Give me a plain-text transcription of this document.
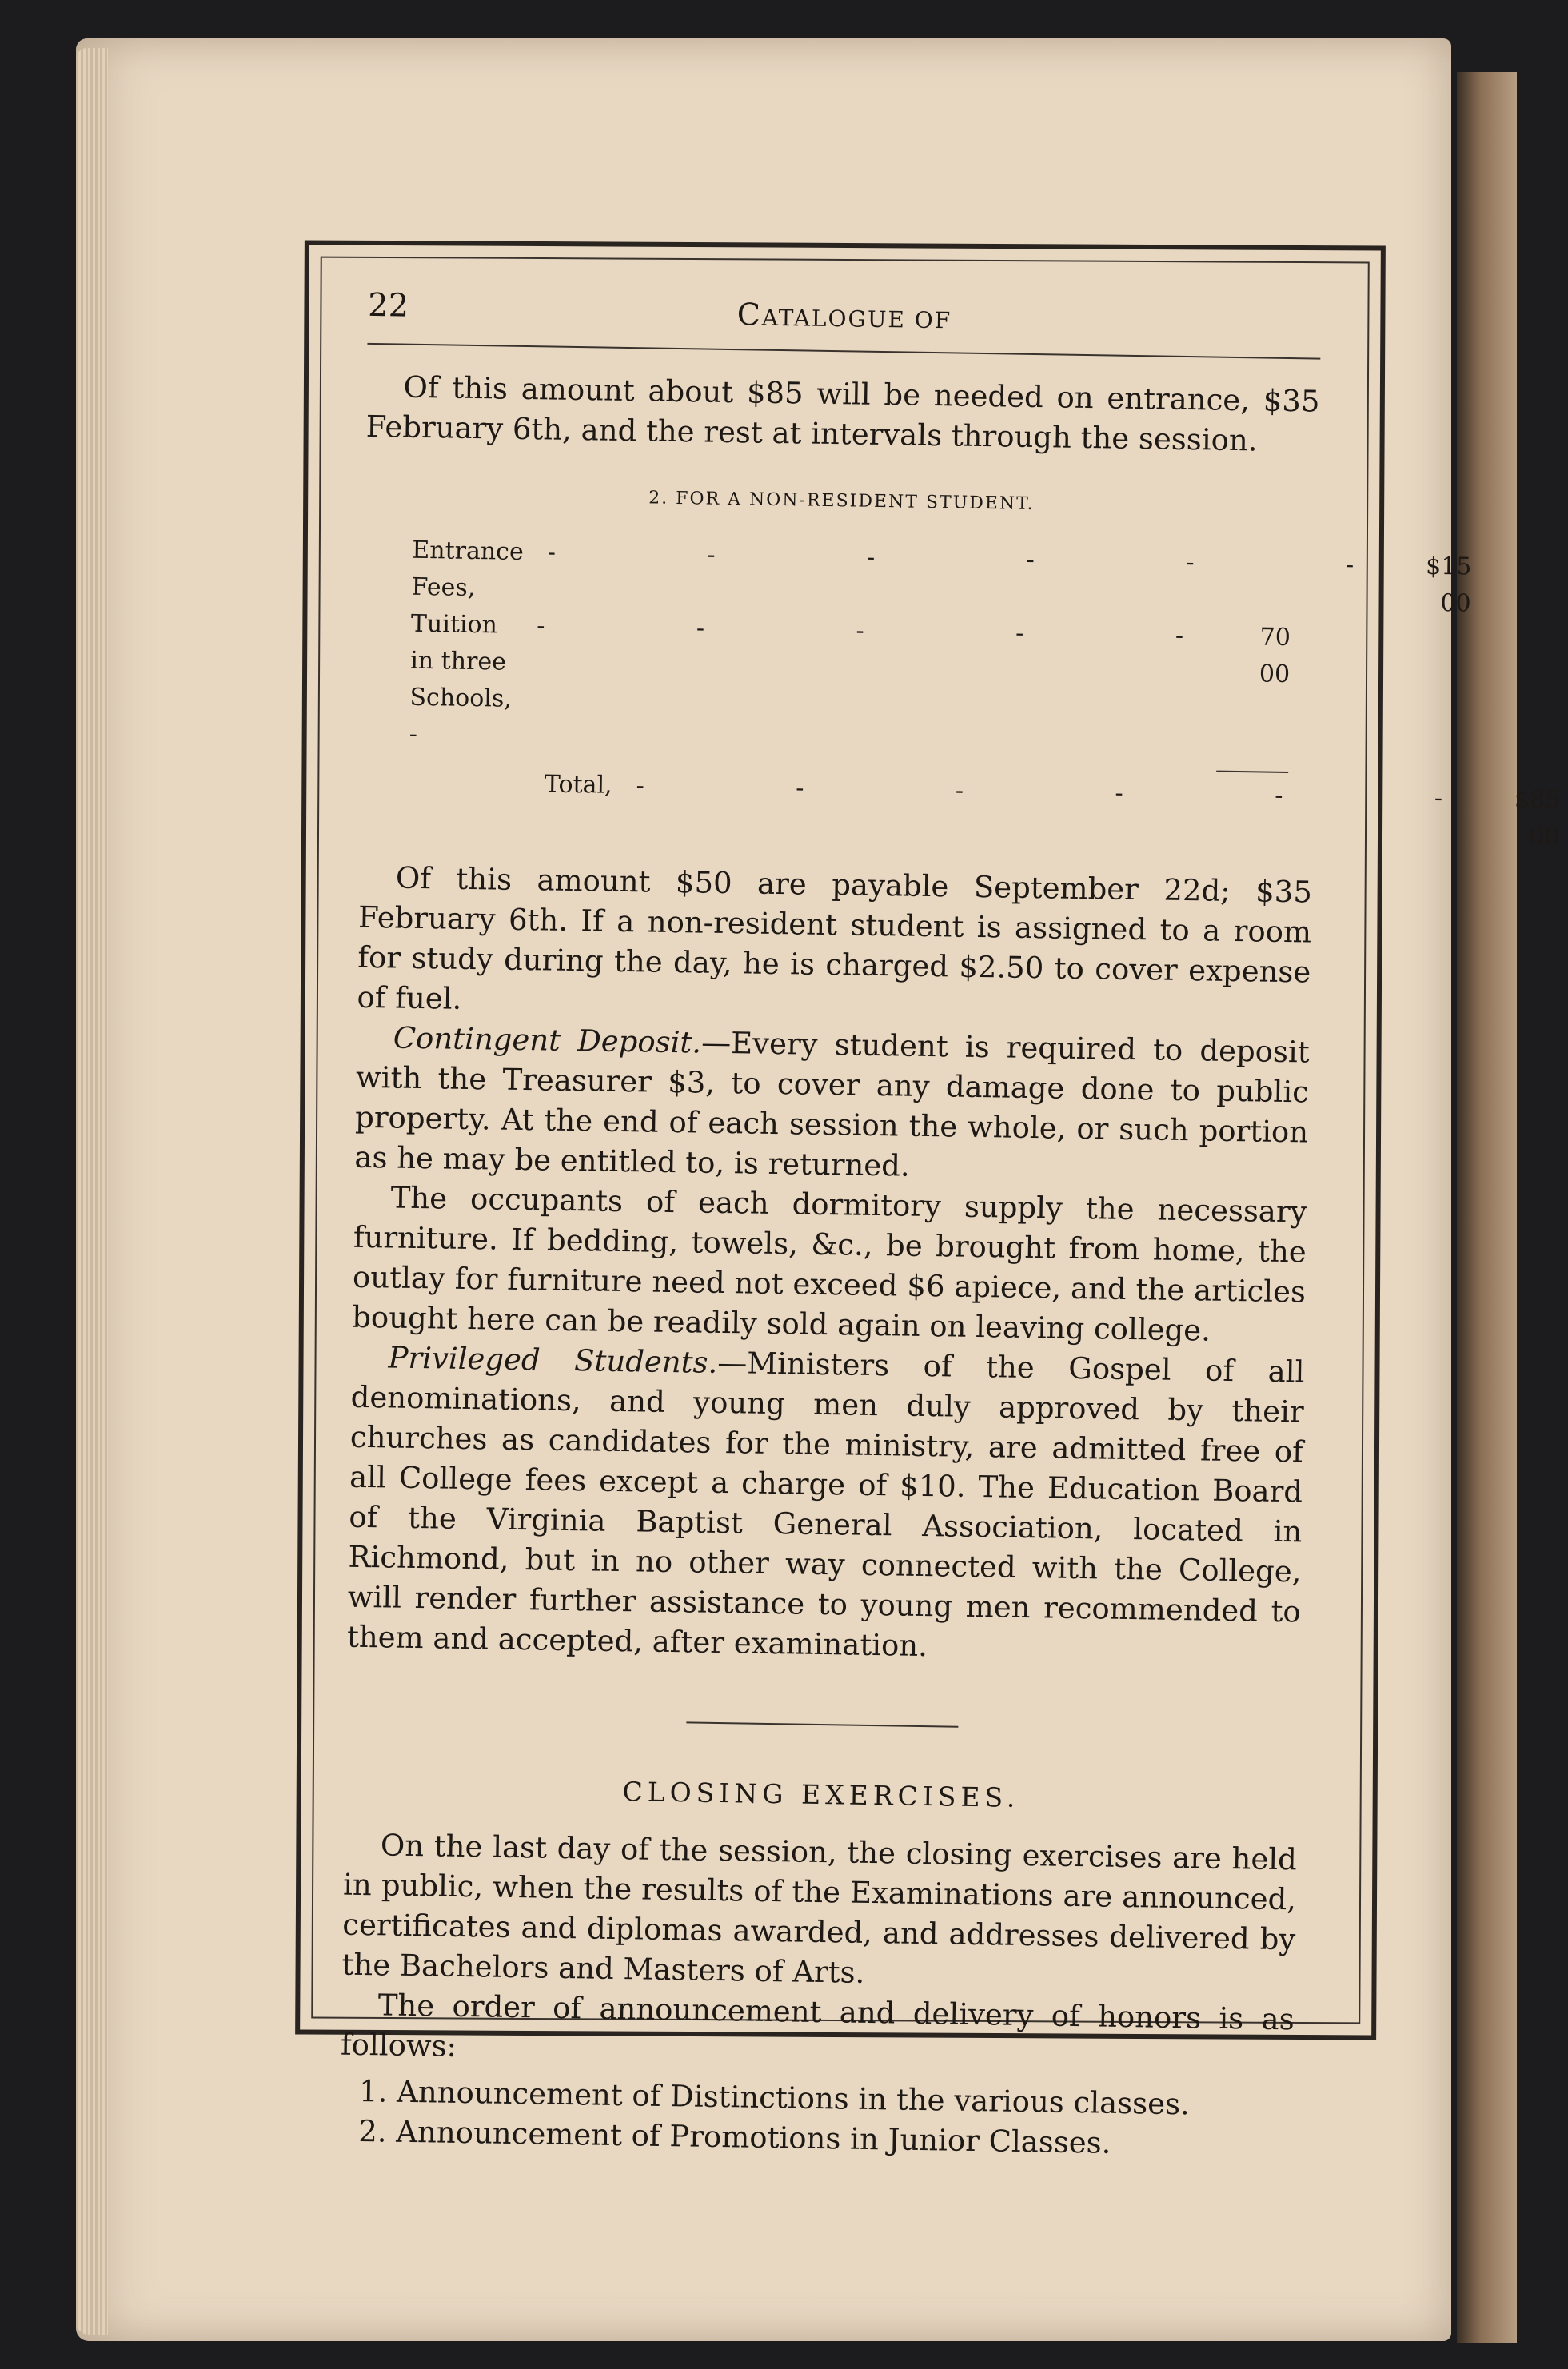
22	CATALOGUE OF

Of this amount about $85 will be needed on entrance, $35 February 6th, and the rest at intervals through the session.

2. FOR A NON-RESIDENT STUDENT.
Entrance Fees,
- - - - - - $15 00
Tuition in three Schools, -
- - - - - 70 00
Total, - - - - - - $85 00

Of this amount $50 are payable September 22d; $35 February 6th. If a non-resident student is assigned to a room for study during the day, he is charged $2.50 to cover expense of fuel.

Contingent Deposit.—Every student is required to deposit with the Treasurer $3, to cover any damage done to public property. At the end of each session the whole, or such portion as he may be entitled to, is returned.

The occupants of each dormitory supply the necessary furniture. If bedding, towels, &c., be brought from home, the outlay for furniture need not exceed $6 apiece, and the articles bought here can be readily sold again on leaving college.

Privileged Students.—Ministers of the Gospel of all denominations, and young men duly approved by their churches as candidates for the ministry, are admitted free of all College fees except a charge of $10. The Education Board of the Virginia Baptist General Association, located in Richmond, but in no other way connected with the College, will render further assistance to young men recommended to them and accepted, after examination.

CLOSING EXERCISES.

On the last day of the session, the closing exercises are held in public, when the results of the Examinations are announced, certificates and diplomas awarded, and addresses delivered by the Bachelors and Masters of Arts.

The order of announcement and delivery of honors is as follows:

1. Announcement of Distinctions in the various classes.
2. Announcement of Promotions in Junior Classes.
